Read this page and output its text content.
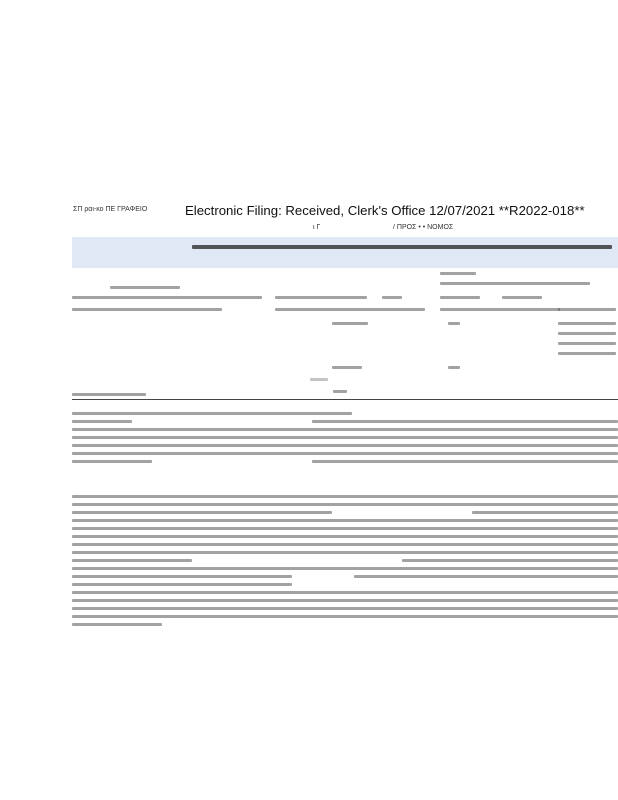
ΣΠ ραι-κο ΠΕ ΓΡΑΦΕΙΟ	Electronic Filing: Received, Clerk's Office 12/07/2021 **R2022-018**
ι Γ	/ ΠΡΟΣ • • ΝΟΜΟΣ
